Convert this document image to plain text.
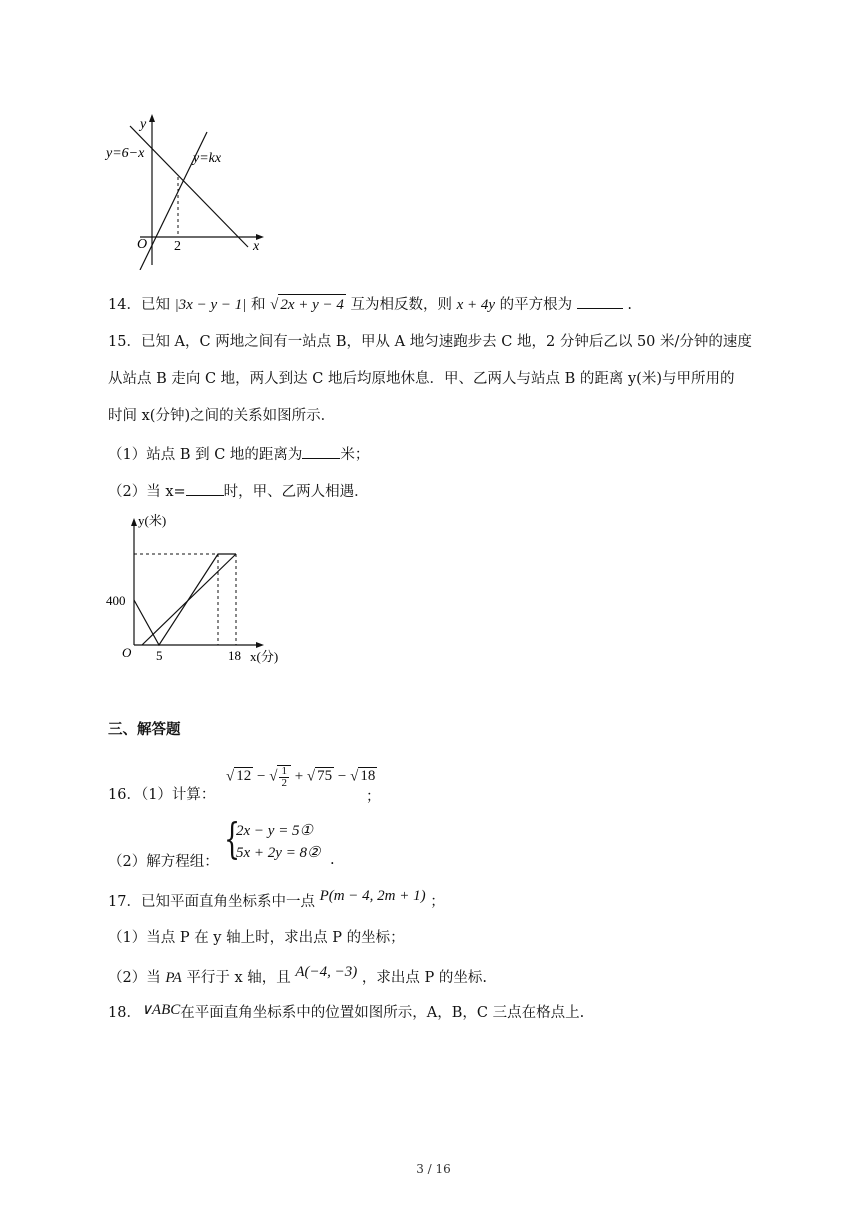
y
x
O
y=6−x	y=kx
2
14．已知 |3x − y − 1| 和 √ 2x + y − 4 互为相反数，则 x + 4y 的平方根为	.
15．已知 A，C 两地之间有一站点 B，甲从 A 地匀速跑步去 C 地，2 分钟后乙以 50 米/分钟的速度
从站点 B 走向 C 地，两人到达 C 地后均原地休息．甲、乙两人与站点 B 的距离 y(米)与甲所用的
时间 x(分钟)之间的关系如图所示．
（1）站点 B 到 C 地的距离为	米；
（2）当 x=	时，甲、乙两人相遇．
y(米)
x(分)
O
400
5	18
三、解答题
√ 12 − √ $\frac{1}{2}$ + √ 75 − √ 18
16．（1）计算：	；
{
2x − y = 5①
5x + 2y = 8②
（2）解方程组：	.
17．已知平面直角坐标系中一点 P(m − 4, 2m + 1) ；
（1）当点 P 在 y 轴上时，求出点 P 的坐标；
（2）当 PA 平行于 x 轴，且 A(−4, −3) ，求出点 P 的坐标.
18．∨ABC在平面直角坐标系中的位置如图所示，A，B，C 三点在格点上.
3 / 16
